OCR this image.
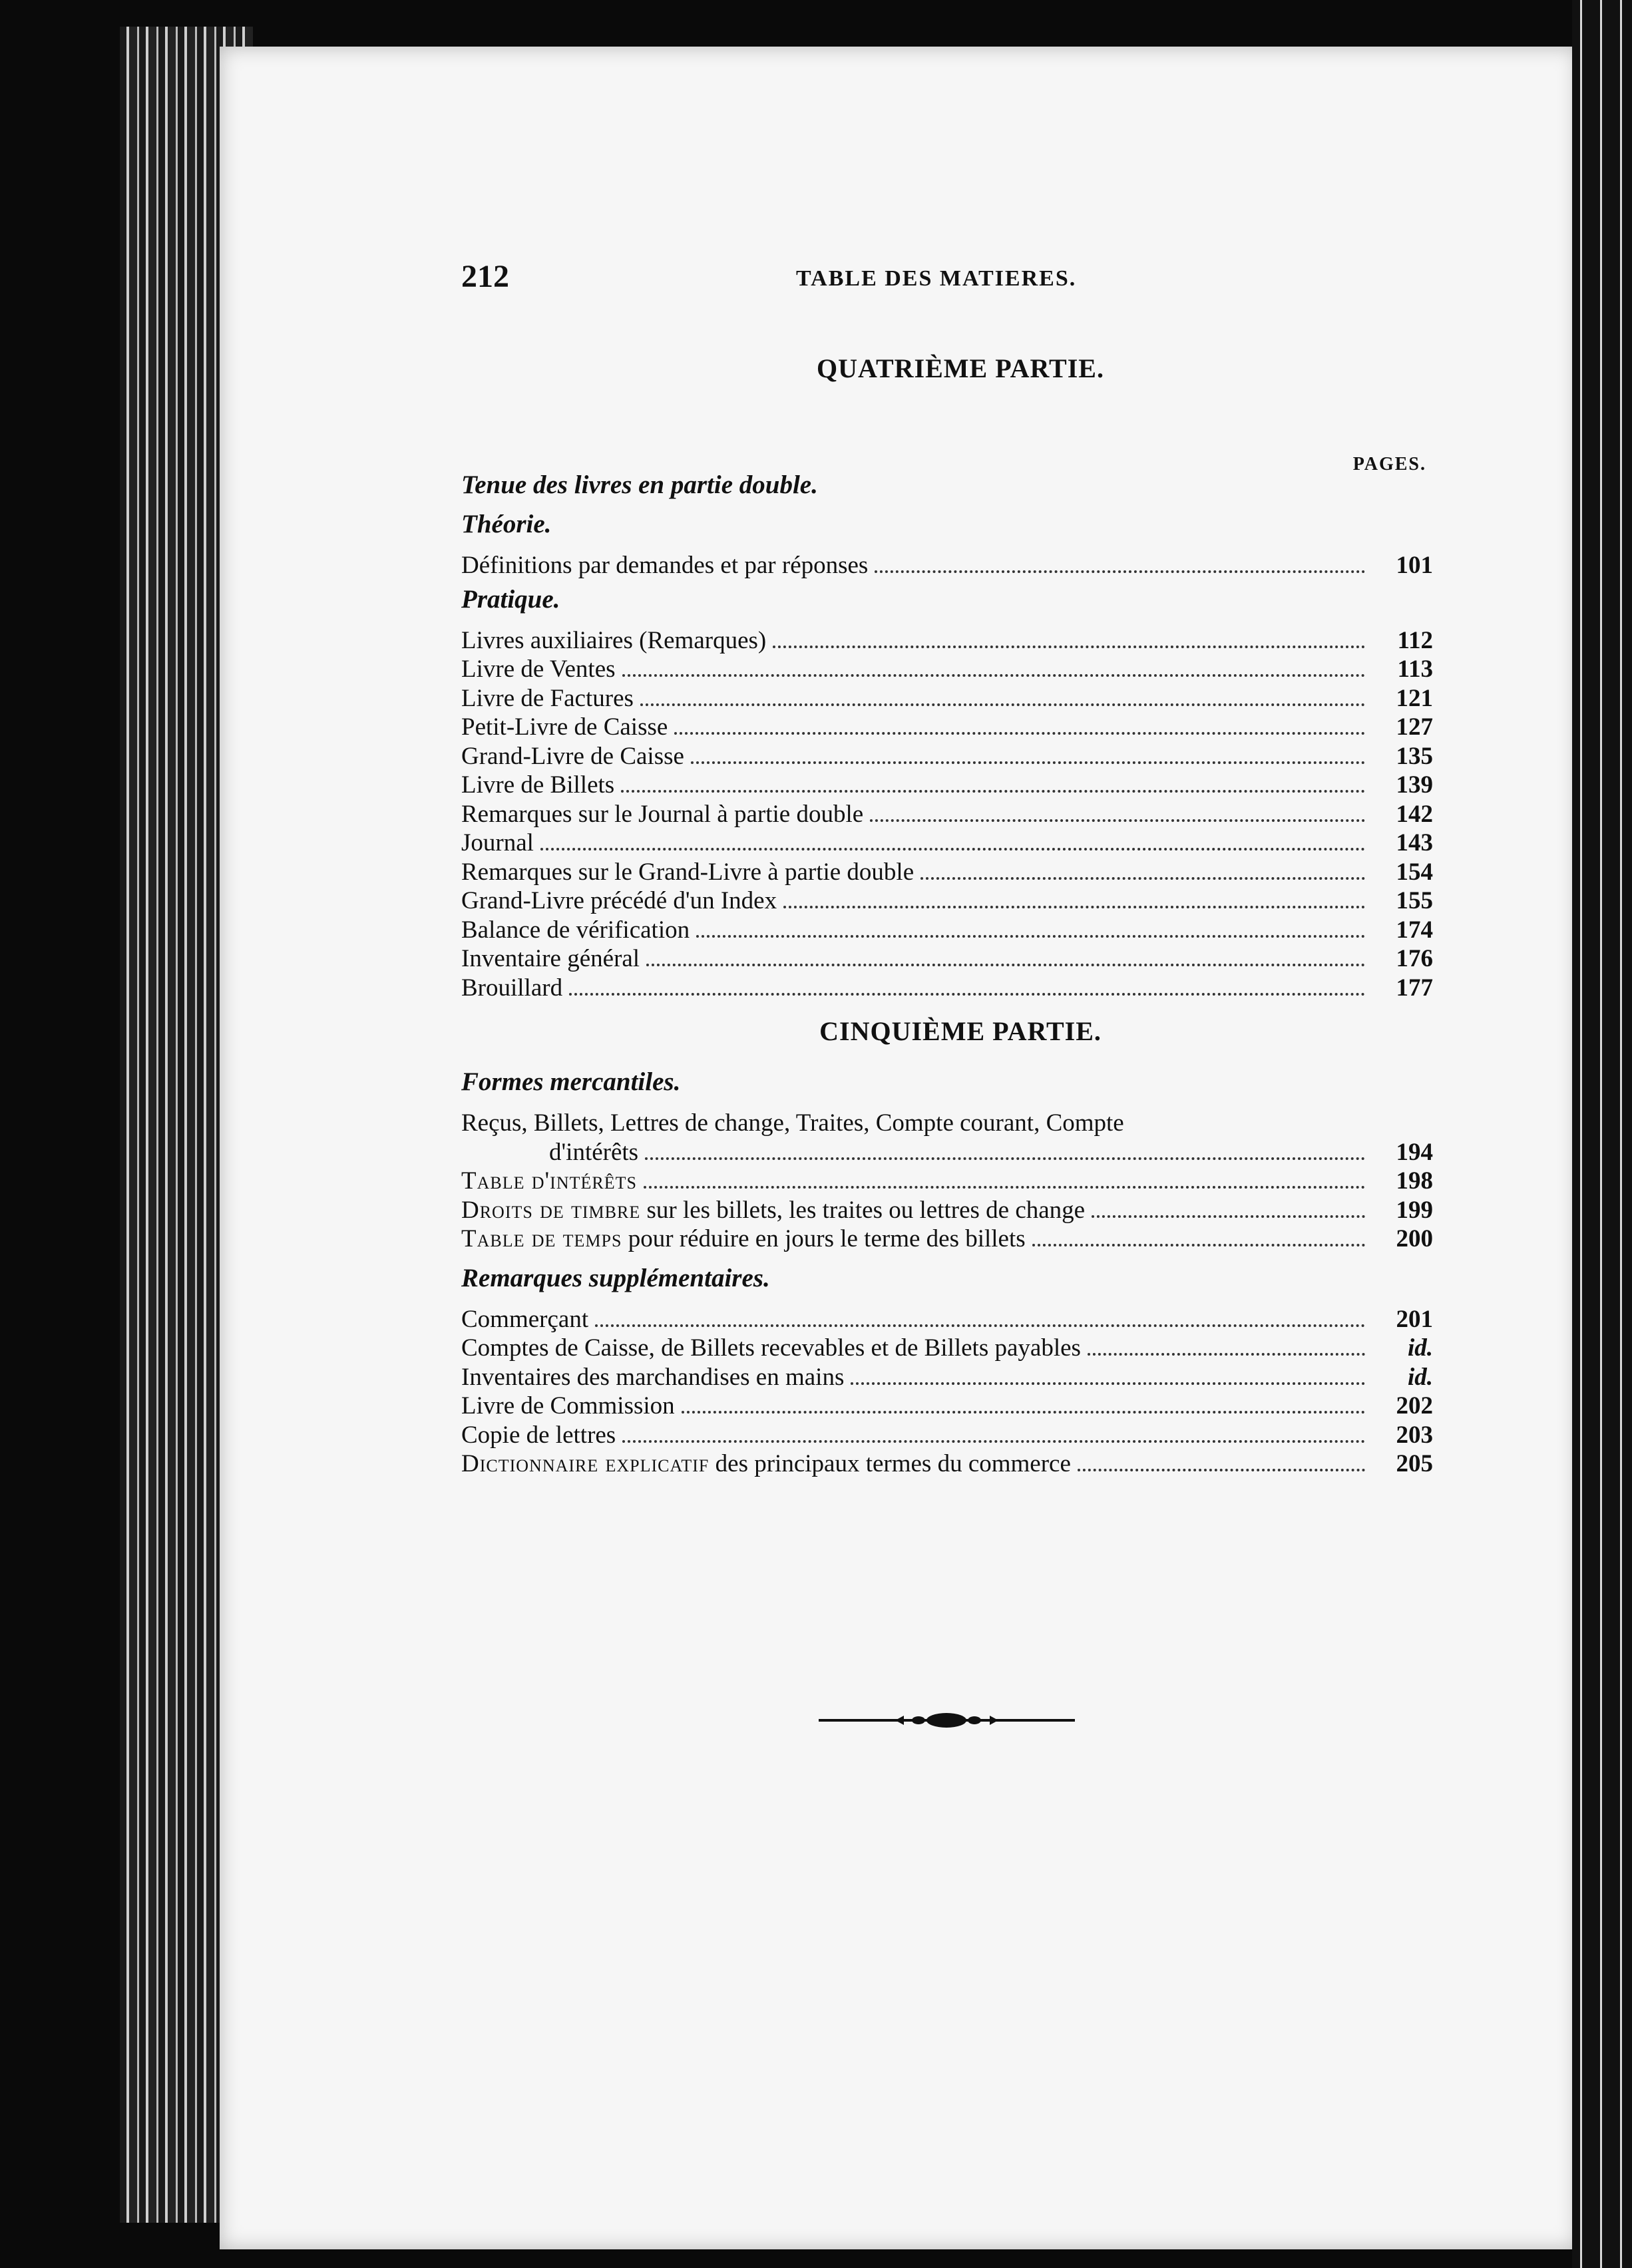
212	TABLE DES MATIERES.
QUATRIÈME PARTIE.
PAGES.
Tenue des livres en partie double.
Théorie.
Définitions par demandes et par réponses	101
Pratique.
Livres auxiliaires (Remarques)	112
Livre de Ventes	113
Livre de Factures	121
Petit-Livre de Caisse	127
Grand-Livre de Caisse	135
Livre de Billets	139
Remarques sur le Journal à partie double	142
Journal	143
Remarques sur le Grand-Livre à partie double	154
Grand-Livre précédé d'un Index	155
Balance de vérification	174
Inventaire général	176
Brouillard	177
CINQUIÈME PARTIE.
Formes mercantiles.
Reçus, Billets, Lettres de change, Traites, Compte courant, Compte
d'intérêts	194
Table d'intérêts	198
Droits de timbre sur les billets, les traites ou lettres de change	199
Table de temps pour réduire en jours le terme des billets	200
Remarques supplémentaires.
Commerçant	201
Comptes de Caisse, de Billets recevables et de Billets payables	id.
Inventaires des marchandises en mains	id.
Livre de Commission	202
Copie de lettres	203
Dictionnaire explicatif des principaux termes du commerce	205
